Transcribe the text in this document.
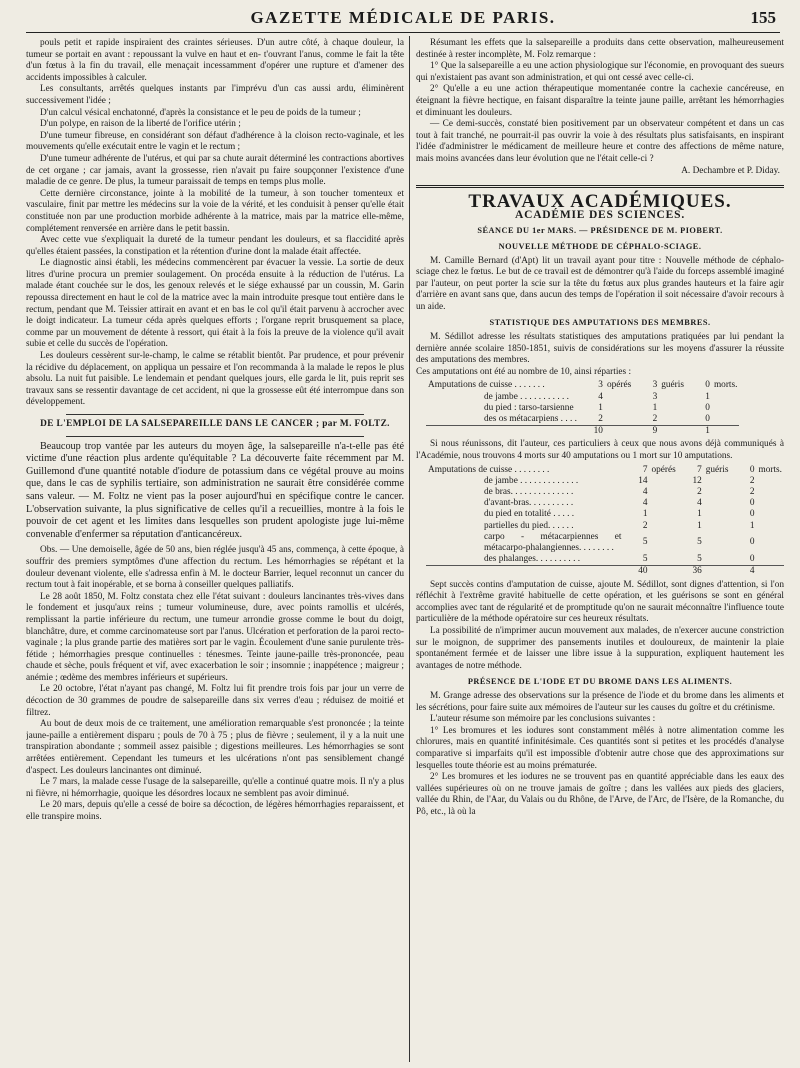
GAZETTE MÉDICALE DE PARIS.	155

pouls petit et rapide inspiraient des craintes sérieuses. D'un autre côté, à chaque douleur, la tumeur se portait en avant : repoussant la vulve en haut et en- t'ouvrant l'anus, comme le fait la tête d'un fœtus à la fin du travail, elle menaçait incessamment d'opérer une rupture et d'amener des accidents impossibles à calculer.

Les consultants, arrêtés quelques instants par l'imprévu d'un cas aussi ardu, éliminèrent successivement l'idée ;

D'un calcul vésical enchatonné, d'après la consistance et le peu de poids de la tumeur ;

D'un polype, en raison de la liberté de l'orifice utérin ;

D'une tumeur fibreuse, en considérant son défaut d'adhérence à la cloison recto-vaginale, et les mouvements qu'elle exécutait entre le vagin et le rectum ;

D'une tumeur adhérente de l'utérus, et qui par sa chute aurait déterminé les contractions abortives de cet organe ; car jamais, avant la grossesse, rien n'avait pu faire soupçonner l'existence d'une maladie de ce genre. De plus, la tumeur paraissait de temps en temps plus molle.

Cette dernière circonstance, jointe à la mobilité de la tumeur, à son toucher tomenteux et vasculaire, finit par mettre les médecins sur la voie de la vérité, et les conduisit à penser qu'elle était constituée non par une production morbide adhérente à la matrice, mais par la matrice elle-même, complétement renversée en arrière dans le petit bassin.

Avec cette vue s'expliquait la dureté de la tumeur pendant les douleurs, et sa flaccidité après qu'elles étaient passées, la constipation et la rétention d'urine dont la malade était affectée.

Le diagnostic ainsi établi, les médecins commencèrent par évacuer la vessie. La sortie de deux litres d'urine procura un premier soulagement. On procéda ensuite à la réduction de l'utérus. La malade étant couchée sur le dos, les genoux relevés et le siége exhaussé par un coussin, M. Garin repoussa directement en haut le col de la matrice avec la main introduite presque tout entière dans le rectum, pendant que M. Teissier attirait en avant et en bas le col qu'il était parvenu à accrocher avec le doigt indicateur. La tumeur céda après quelques efforts ; l'organe reprit brusquement sa place, comme par un mouvement de détente à ressort, qui était à la fois la preuve de la violence qu'il avait subie et celle du succès de l'opération.

Les douleurs cessèrent sur-le-champ, le calme se rétablit bientôt. Par prudence, et pour prévenir la récidive du déplacement, on appliqua un pessaire et l'on recommanda à la malade le repos le plus absolu. La nuit fut paisible. Le lendemain et pendant quelques jours, elle garda le lit, puis reprit ses travaux sans se ressentir davantage de cet accident, ni que la grossesse eût été interrompue dans son développement.

DE L'EMPLOI DE LA SALSEPAREILLE DANS LE CANCER ; par M. FOLTZ.

Beaucoup trop vantée par les auteurs du moyen âge, la salsepareille n'a-t-elle pas été victime d'une réaction plus ardente qu'équitable ? La découverte faite récemment par M. Guillemond d'une quantité notable d'iodure de potassium dans ce végétal prouve au moins que, dans le cas de syphilis tertiaire, son administration ne saurait être considérée comme sans valeur. — M. Foltz ne vient pas la poser aujourd'hui en spécifique contre le cancer. L'observation suivante, la plus significative de celles qu'il a recueillies, montre à la fois le pouvoir de cet agent et les limites dans lesquelles son prudent apologiste juge lui-même convenable d'enfermer sa réputation d'anticancéreux.

Obs. — Une demoiselle, âgée de 50 ans, bien réglée jusqu'à 45 ans, commença, à cette époque, à souffrir des premiers symptômes d'une affection du rectum. Les hémorrhagies se répétant et la douleur devenant violente, elle s'adressa enfin à M. le docteur Barrier, lequel reconnut un cancer du rectum tout à fait inopérable, et se borna à conseiller quelques palliatifs.

Le 28 août 1850, M. Foltz constata chez elle l'état suivant : douleurs lancinantes très-vives dans le fondement et jusqu'aux reins ; tumeur volumineuse, dure, avec points ramollis et ulcérés, remplissant la partie inférieure du rectum, une tumeur arrondie grosse comme le bout du doigt, blanchâtre, dure, et comme carcinomateuse sort par l'anus. Ulcération et perforation de la paroi recto-vaginale ; la plus grande partie des matières sort par le vagin. Écoulement d'une sanie purulente très-fétide ; hémorrhagies presque continuelles : ténesmes. Teinte jaune-paille très-prononcée, peau chaude et sèche, pouls fréquent et vif, avec exacerbation le soir ; insomnie ; inappétence ; maigreur ; anémie ; œdème des membres inférieurs et supérieurs.

Le 20 octobre, l'état n'ayant pas changé, M. Foltz lui fit prendre trois fois par jour un verre de décoction de 30 grammes de poudre de salsepareille dans six verres d'eau ; réduisez de moitié et filtrez.

Au bout de deux mois de ce traitement, une amélioration remarquable s'est prononcée ; la teinte jaune-paille a entièrement disparu ; pouls de 70 à 75 ; plus de fièvre ; seulement, il y a la nuit une transpiration abondante ; sommeil assez paisible ; digestions meilleures. Les hémorrhagies se sont arrêtées entièrement. Cependant les tumeurs et les ulcérations n'ont pas sensiblement changé d'aspect. Les douleurs lancinantes ont diminué.

Le 7 mars, la malade cesse l'usage de la salsepareille, qu'elle a continué quatre mois. Il n'y a plus ni fièvre, ni hémorrhagie, quoique les désordres locaux ne semblent pas avoir diminué.

Le 20 mars, depuis qu'elle a cessé de boire sa décoction, de légères hémorrhagies reparaissent, et elle transpire moins.

Résumant les effets que la salsepareille a produits dans cette observation, malheureusement destinée à rester incomplète, M. Folz remarque :

1° Que la salsepareille a eu une action physiologique sur l'économie, en provoquant des sueurs qui n'existaient pas avant son administration, et qui ont cessé avec celle-ci.

2° Qu'elle a eu une action thérapeutique momentanée contre la cachexie cancéreuse, en éteignant la fièvre hectique, en faisant disparaître la teinte jaune paille, arrêtant les hémorrhagies et diminuant les douleurs.

— Ce demi-succès, constaté bien positivement par un observateur compétent et dans un cas tout à fait tranché, ne pourrait-il pas ouvrir la voie à des résultats plus satisfaisants, en inspirant l'idée d'administrer le médicament de meilleure heure et contre des affections de même nature, mais moins avancées dans leur évolution que ne l'était celle-ci ?

A. Dechambre et P. Diday.
TRAVAUX ACADÉMIQUES.
ACADÉMIE DES SCIENCES.
SÉANCE DU 1er MARS. — PRÉSIDENCE DE M. PIOBERT.
NOUVELLE MÉTHODE DE CÉPHALO-SCIAGE.

M. Camille Bernard (d'Apt) lit un travail ayant pour titre : Nouvelle méthode de céphalo-sciage chez le fœtus. Le but de ce travail est de démontrer qu'à l'aide du forceps assemblé imaginé par l'auteur, on peut porter la scie sur la tête du fœtus aux plus grandes hauteurs et la faire agir d'arrière en avant sans que, dans aucun des temps de l'opération il soit nécessaire d'avoir recours à un aide.

STATISTIQUE DES AMPUTATIONS DES MEMBRES.

M. Sédillot adresse les résultats statistiques des amputations pratiquées par lui pendant la dernière année scolaire 1850-1851, suivis de considérations sur les moyens d'assurer la réussite des amputations des membres.

Ces amputations ont été au nombre de 10, ainsi réparties :

Amputations de cuisse . . . . . . .	3	opérés	3	guéris	0	morts.
de jambe . . . . . . . . . . .	4		3		1	
du pied : tarso-tarsienne	1		1		0	
des os métacarpiens . . . .	2		2		0	
	10		9		1	

Si nous réunissons, dit l'auteur, ces particuliers à ceux que nous avons déjà communiqués à l'Académie, nous trouvons 4 morts sur 40 amputations ou 1 mort sur 10 amputations.

Amputations de cuisse . . . . . . . .	7	opérés	7	guéris	0	morts.
de jambe . . . . . . . . . . . . .	14		12		2	
de bras. . . . . . . . . . . . . .	4		2		2	
d'avant-bras. . . . . . . . . .	4		4		0	
du pied en totalité . . . . .	1		1		0	
partielles du pied. . . . . .	2		1		1	
carpo - métacarpiennes et métacarpo-phalangiennes. . . . . . . .	5		5		0	
des phalanges. . . . . . . . . .	5		5		0	
	40		36		4	

Sept succès contins d'amputation de cuisse, ajoute M. Sédillot, sont dignes d'attention, si l'on réfléchit à l'extrême gravité habituelle de cette opération, et les guérisons se sont en général accomplies avec tant de régularité et de promptitude qu'on ne saurait méconnaître l'influence toute particulière de la méthode opératoire sur ces heureux résultats.

La possibilité de n'imprimer aucun mouvement aux malades, de n'exercer aucune constriction sur le moignon, de supprimer des pansements inutiles et douloureux, de maintenir la plaie spontanément fermée et de laisser une libre issue à la suppuration, expliquent hautement les avantages de notre méthode.

PRÉSENCE DE L'IODE ET DU BROME DANS LES ALIMENTS.

M. Grange adresse des observations sur la présence de l'iode et du brome dans les aliments et les sécrétions, pour faire suite aux mémoires de l'auteur sur les causes du goître et du crétinisme.

L'auteur résume son mémoire par les conclusions suivantes :

1° Les bromures et les iodures sont constamment mêlés à notre alimentation comme les chlorures, mais en quantité infinitésimale. Ces quantités sont si petites et les procédés d'analyse comparative si imparfaits qu'il est impossible d'obtenir autre chose que des approximations sur lesquelles toute théorie est au moins prématurée.

2° Les bromures et les iodures ne se trouvent pas en quantité appréciable dans les eaux des vallées supérieures où on ne trouve jamais de goître ; dans les vallées aux pieds des glaciers, vallée du Rhin, de l'Aar, du Valais ou du Rhône, de l'Arve, de l'Arc, de l'Isère, de la Romanche, du Pô, etc., là où la
